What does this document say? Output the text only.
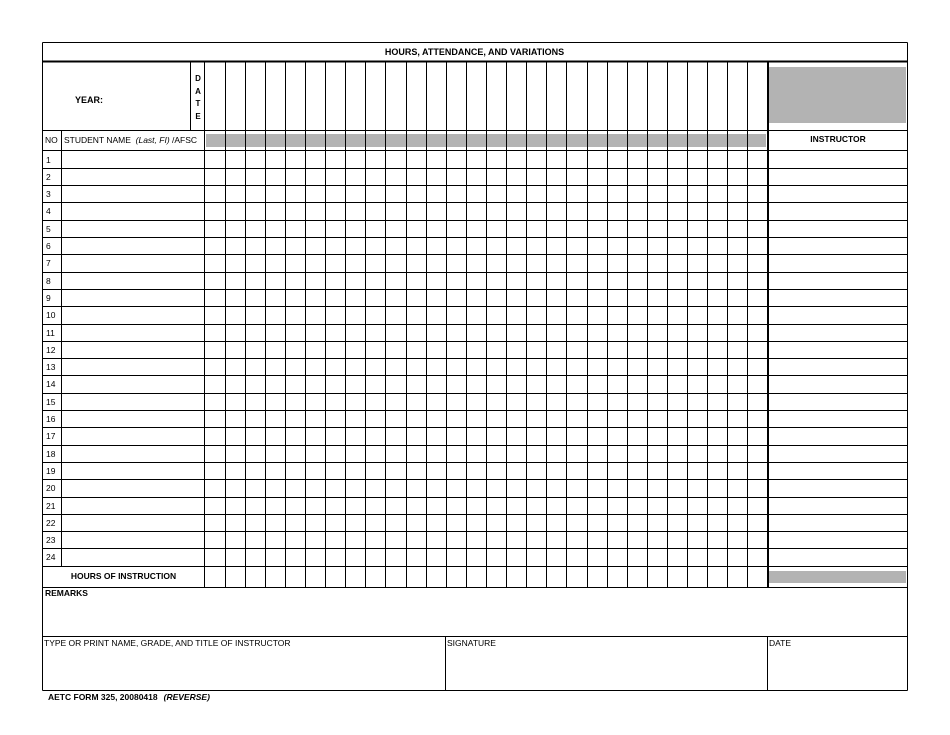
HOURS, ATTENDANCE, AND VARIATIONS
YEAR:
D
A
T
E
NO STUDENT NAME (Last, FI) /AFSC	INSTRUCTOR
1
2
3
4
5
6
7
8
9
10
11
12
13
14
15
16
17
18
19
20
21
22
23
24
HOURS OF INSTRUCTION
REMARKS
TYPE OR PRINT NAME, GRADE, AND TITLE OF INSTRUCTOR	SIGNATURE	DATE
AETC FORM 325, 20080418 (REVERSE)
